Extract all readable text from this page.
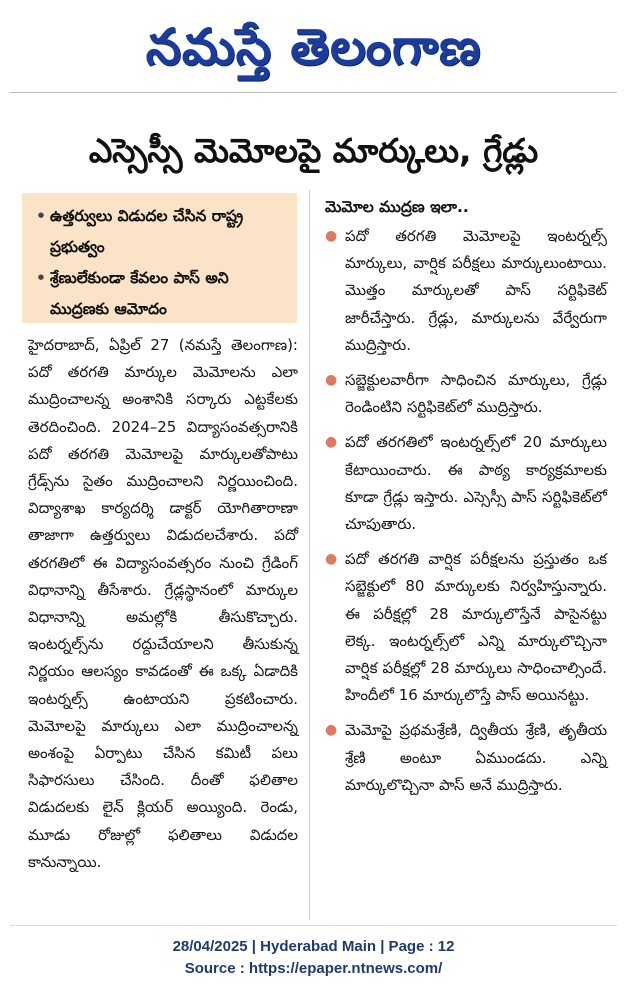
నమస్తే తెలంగాణ
ఎస్సెస్సీ మెమోలపై మార్కులు, గ్రేడ్లు
• ఉత్తర్వులు విడుదల చేసిన రాష్ట్ర ప్రభుత్వం
• శ్రేణులేకుండా కేవలం పాస్ అని ముద్రణకు ఆమోదం
హైదరాబాద్, ఏప్రిల్ 27 (నమస్తే తెలంగాణ): పదో తరగతి మార్కుల మెమోలను ఎలా ముద్రించాలన్న అంశానికి సర్కారు ఎట్టకేలకు తెరదించింది. 2024–25 విద్యాసంవత్సరానికి పదో తరగతి మెమోలపై మార్కులతోపాటు గ్రేడ్స్‌ను సైతం ముద్రించాలని నిర్ణయించింది. విద్యాశాఖ కార్యదర్శి డాక్టర్ యోగితారాణా తాజాగా ఉత్తర్వులు విడుదలచేశారు. పదో తరగతిలో ఈ విద్యాసంవత్సరం నుంచి గ్రేడింగ్ విధానాన్ని తీసేశారు. గ్రేడ్లస్థానంలో మార్కుల విధానాన్ని అమల్లోకి తీసుకొచ్చారు. ఇంటర్నల్స్‌ను రద్దుచేయాలని తీసుకున్న నిర్ణయం ఆలస్యం కావడంతో ఈ ఒక్క ఏడాదికి ఇంటర్నల్స్ ఉంటాయని ప్రకటించారు. మెమోలపై మార్కులు ఎలా ముద్రించాలన్న అంశంపై ఏర్పాటు చేసిన కమిటీ పలు సిఫారసులు చేసింది. దీంతో ఫలితాల విడుదలకు లైన్ క్లియర్ అయ్యింది. రెండు, మూడు రోజుల్లో ఫలితాలు విడుదల కానున్నాయి.
మెమోల ముద్రణ ఇలా..
● పదో తరగతి మెమోలపై ఇంటర్నల్స్ మార్కులు, వార్షిక పరీక్షలు మార్కులుంటాయి. మొత్తం మార్కులతో పాస్ సర్టిఫికెట్ జారీచేస్తారు. గ్రేడ్లు, మార్కులను వేర్వేరుగా ముద్రిస్తారు.
● సబ్జెక్టులవారీగా సాధించిన మార్కులు, గ్రేడ్లు రెండింటిని సర్టిఫికెట్‌లో ముద్రిస్తారు.
● పదో తరగతిలో ఇంటర్నల్స్‌లో 20 మార్కులు కేటాయించారు. ఈ పాఠ్య కార్యక్రమాలకు కూడా గ్రేడ్లు ఇస్తారు. ఎస్సెస్సీ పాస్ సర్టిఫికెట్‌లో చూపుతారు.
● పదో తరగతి వార్షిక పరీక్షలను ప్రస్తుతం ఒక సబ్జెక్టులో 80 మార్కులకు నిర్వహిస్తున్నారు. ఈ పరీక్షల్లో 28 మార్కులొస్తేనే పాసైనట్టు లెక్క. ఇంటర్నల్స్‌లో ఎన్ని మార్కులొచ్చినా వార్షిక పరీక్షల్లో 28 మార్కులు సాధించాల్సిందే. హిందీలో 16 మార్కులొస్తే పాస్ అయినట్టు.
● మెమోపై ప్రథమశ్రేణి, ద్వితీయ శ్రేణి, తృతీయ శ్రేణి అంటూ ఏముండదు. ఎన్ని మార్కులొచ్చినా పాస్ అనే ముద్రిస్తారు.
28/04/2025 | Hyderabad Main | Page : 12
Source : https://epaper.ntnews.com/
